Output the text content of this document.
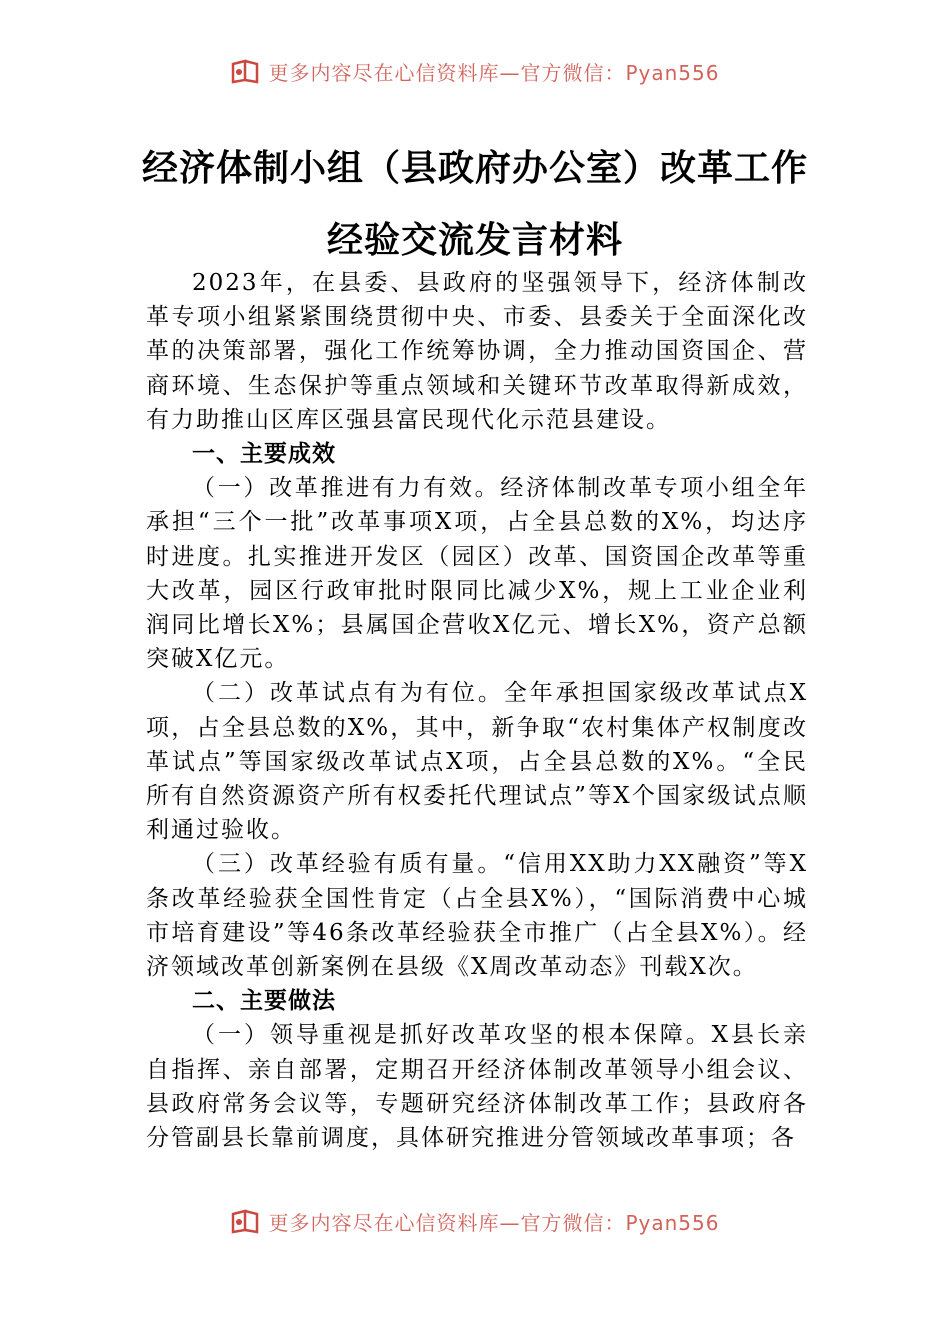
更多内容尽在心信资料库—官方微信：Pyan556
经济体制小组（县政府办公室）改革工作
经验交流发言材料

2023年，在县委、县政府的坚强领导下，经济体制改革专项小组紧紧围绕贯彻中央、市委、县委关于全面深化改革的决策部署，强化工作统筹协调，全力推动国资国企、营商环境、生态保护等重点领域和关键环节改革取得新成效，有力助推山区库区强县富民现代化示范县建设。

一、主要成效

（一）改革推进有力有效。经济体制改革专项小组全年承担“三个一批”改革事项X项，占全县总数的X%，均达序时进度。扎实推进开发区（园区）改革、国资国企改革等重大改革，园区行政审批时限同比减少X%，规上工业企业利润同比增长X%；县属国企营收X亿元、增长X%，资产总额突破X亿元。

（二）改革试点有为有位。全年承担国家级改革试点X项，占全县总数的X%，其中，新争取“农村集体产权制度改革试点”等国家级改革试点X项，占全县总数的X%。“全民所有自然资源资产所有权委托代理试点”等X个国家级试点顺利通过验收。

（三）改革经验有质有量。“信用XX助力XX融资”等X条改革经验获全国性肯定（占全县X%），“国际消费中心城市培育建设”等46条改革经验获全市推广（占全县X%）。经济领域改革创新案例在县级《X周改革动态》刊载X次。

二、主要做法

（一）领导重视是抓好改革攻坚的根本保障。X县长亲自指挥、亲自部署，定期召开经济体制改革领导小组会议、县政府常务会议等，专题研究经济体制改革工作；县政府各分管副县长靠前调度，具体研究推进分管领域改革事项；各

更多内容尽在心信资料库—官方微信：Pyan556
